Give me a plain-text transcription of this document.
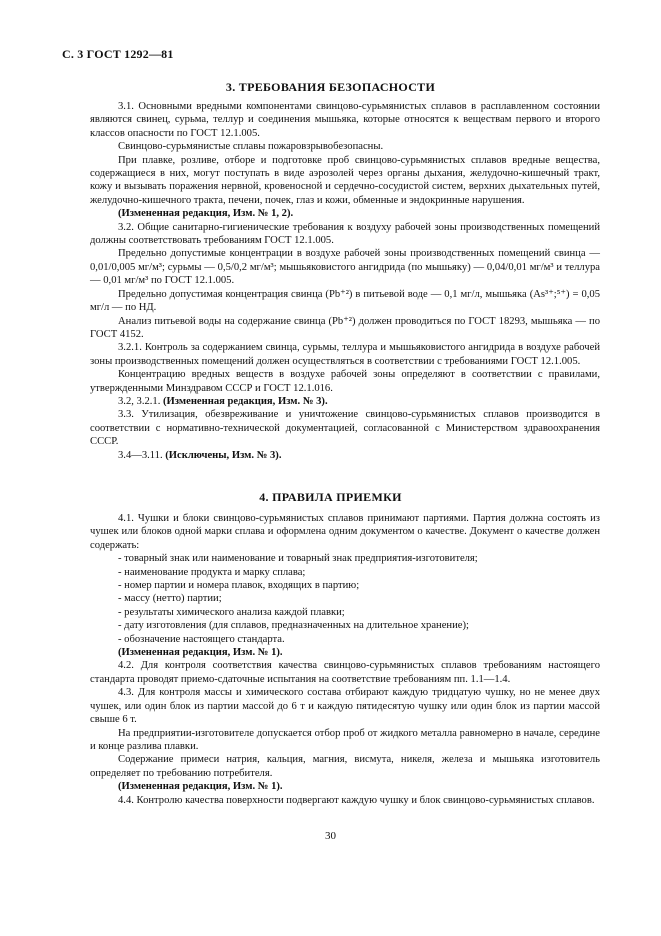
С. 3 ГОСТ 1292—81
3. ТРЕБОВАНИЯ БЕЗОПАСНОСТИ

3.1. Основными вредными компонентами свинцово-сурьмянистых сплавов в расплавленном состоянии являются свинец, сурьма, теллур и соединения мышьяка, которые относятся к веществам первого и второго классов опасности по ГОСТ 12.1.005.

Свинцово-сурьмянистые сплавы пожаровзрывобезопасны.

При плавке, розливе, отборе и подготовке проб свинцово-сурьмянистых сплавов вредные вещества, содержащиеся в них, могут поступать в виде аэрозолей через органы дыхания, желудочно-кишечный тракт, кожу и вызывать поражения нервной, кровеносной и сердечно-сосудистой систем, верхних дыхательных путей, желудочно-кишечного тракта, печени, почек, глаз и кожи, обменные и эндокринные нарушения.

(Измененная редакция, Изм. № 1, 2).

3.2. Общие санитарно-гигиенические требования к воздуху рабочей зоны производственных помещений должны соответствовать требованиям ГОСТ 12.1.005.

Предельно допустимые концентрации в воздухе рабочей зоны производственных помещений свинца — 0,01/0,005 мг/м³; сурьмы — 0,5/0,2 мг/м³; мышьяковистого ангидрида (по мышьяку) — 0,04/0,01 мг/м³ и теллура — 0,01 мг/м³ по ГОСТ 12.1.005.

Предельно допустимая концентрация свинца (Pb⁺²) в питьевой воде — 0,1 мг/л, мышьяка (As³⁺;⁵⁺) = 0,05 мг/л — по НД.

Анализ питьевой воды на содержание свинца (Pb⁺²) должен проводиться по ГОСТ 18293, мышьяка — по ГОСТ 4152.

3.2.1. Контроль за содержанием свинца, сурьмы, теллура и мышьяковистого ангидрида в воздухе рабочей зоны производственных помещений должен осуществляться в соответствии с требованиями ГОСТ 12.1.005.

Концентрацию вредных веществ в воздухе рабочей зоны определяют в соответствии с правилами, утвержденными Минздравом СССР и ГОСТ 12.1.016.

3.2, 3.2.1. (Измененная редакция, Изм. № 3).

3.3. Утилизация, обезвреживание и уничтожение свинцово-сурьмянистых сплавов производится в соответствии с нормативно-технической документацией, согласованной с Министерством здравоохранения СССР.

3.4—3.11. (Исключены, Изм. № 3).

4. ПРАВИЛА ПРИЕМКИ

4.1. Чушки и блоки свинцово-сурьмянистых сплавов принимают партиями. Партия должна состоять из чушек или блоков одной марки сплава и оформлена одним документом о качестве. Документ о качестве должен содержать:

- товарный знак или наименование и товарный знак предприятия-изготовителя;

- наименование продукта и марку сплава;

- номер партии и номера плавок, входящих в партию;

- массу (нетто) партии;

- результаты химического анализа каждой плавки;

- дату изготовления (для сплавов, предназначенных на длительное хранение);

- обозначение настоящего стандарта.

(Измененная редакция, Изм. № 1).

4.2. Для контроля соответствия качества свинцово-сурьмянистых сплавов требованиям настоящего стандарта проводят приемо-сдаточные испытания на соответствие требованиям пп. 1.1—1.4.

4.3. Для контроля массы и химического состава отбирают каждую тридцатую чушку, но не менее двух чушек, или один блок из партии массой до 6 т и каждую пятидесятую чушку или один блок из партии массой свыше 6 т.

На предприятии-изготовителе допускается отбор проб от жидкого металла равномерно в начале, середине и конце разлива плавки.

Содержание примеси натрия, кальция, магния, висмута, никеля, железа и мышьяка изготовитель определяет по требованию потребителя.

(Измененная редакция, Изм. № 1).

4.4. Контролю качества поверхности подвергают каждую чушку и блок свинцово-сурьмянистых сплавов.

30
